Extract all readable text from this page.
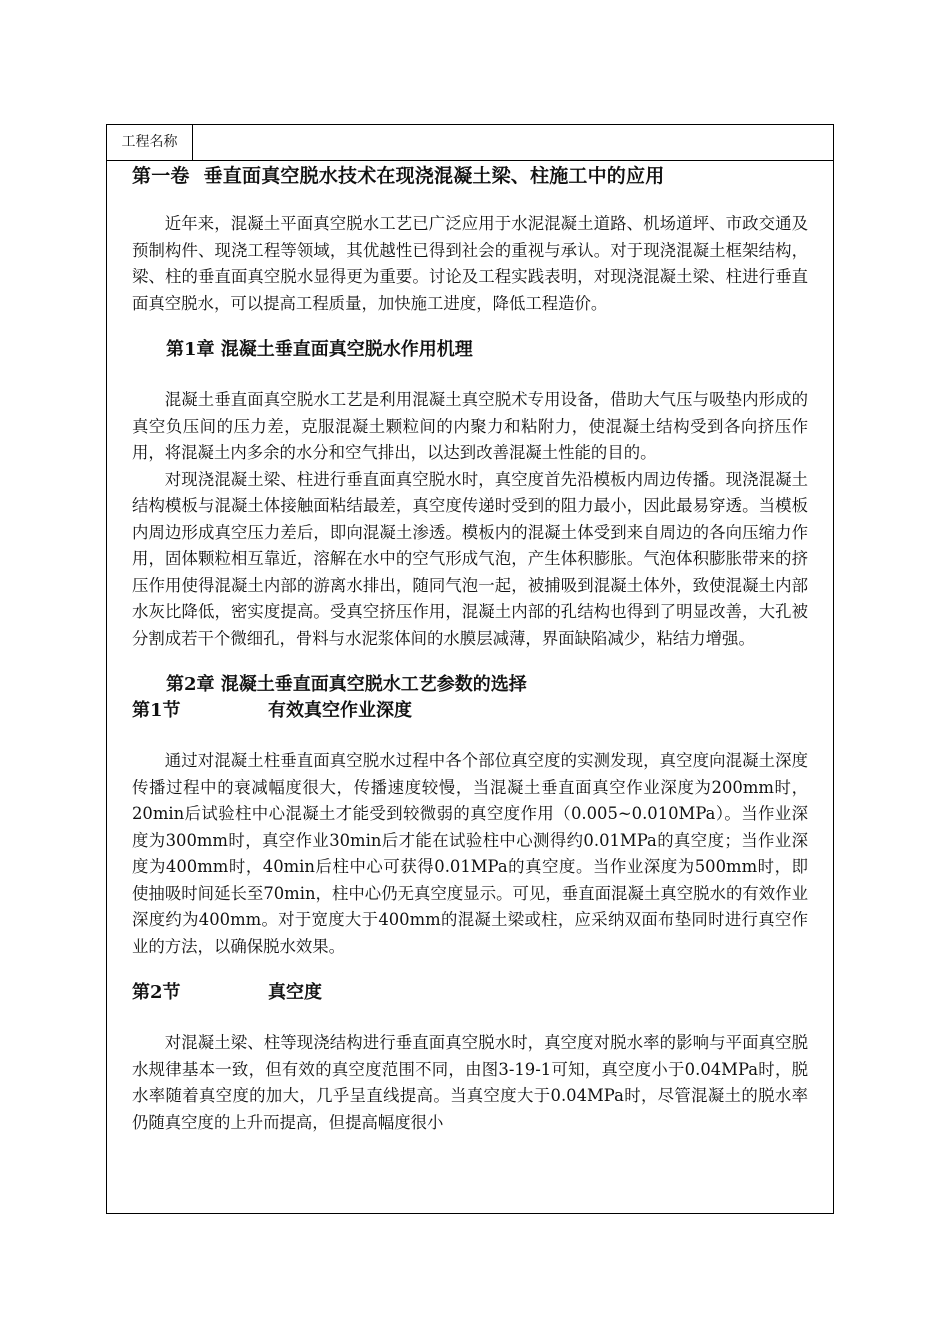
工程名称
第一卷 垂直面真空脱水技术在现浇混凝土梁、柱施工中的应用

近年来，混凝土平面真空脱水工艺已广泛应用于水泥混凝土道路、机场道坪、市政交通及预制构件、现浇工程等领域，其优越性已得到社会的重视与承认。对于现浇混凝土框架结构，梁、柱的垂直面真空脱水显得更为重要。讨论及工程实践表明，对现浇混凝土梁、柱进行垂直面真空脱水，可以提高工程质量，加快施工进度，降低工程造价。

第1章 混凝土垂直面真空脱水作用机理

混凝土垂直面真空脱水工艺是利用混凝土真空脱术专用设备，借助大气压与吸垫内形成的真空负压间的压力差，克服混凝土颗粒间的内聚力和粘附力，使混凝土结构受到各向挤压作用，将混凝土内多余的水分和空气排出，以达到改善混凝土性能的目的。

对现浇混凝土梁、柱进行垂直面真空脱水时，真空度首先沿模板内周边传播。现浇混凝土结构模板与混凝土体接触面粘结最差，真空度传递时受到的阻力最小，因此最易穿透。当模板内周边形成真空压力差后，即向混凝土渗透。模板内的混凝土体受到来自周边的各向压缩力作用，固体颗粒相互靠近，溶解在水中的空气形成气泡，产生体积膨胀。气泡体积膨胀带来的挤压作用使得混凝土内部的游离水排出，随同气泡一起，被捕吸到混凝土体外，致使混凝土内部水灰比降低，密实度提高。受真空挤压作用，混凝土内部的孔结构也得到了明显改善，大孔被分割成若干个微细孔，骨料与水泥浆体间的水膜层减薄，界面缺陷减少，粘结力增强。

第2章 混凝土垂直面真空脱水工艺参数的选择
第1节	有效真空作业深度

通过对混凝土柱垂直面真空脱水过程中各个部位真空度的实测发现，真空度向混凝土深度传播过程中的衰减幅度很大，传播速度较慢，当混凝土垂直面真空作业深度为200mm时，20min后试验柱中心混凝土才能受到较微弱的真空度作用（0.005~0.010MPa）。当作业深度为300mm时，真空作业30min后才能在试验柱中心测得约0.01MPa的真空度；当作业深度为400mm时，40min后柱中心可获得0.01MPa的真空度。当作业深度为500mm时，即使抽吸时间延长至70min，柱中心仍无真空度显示。可见，垂直面混凝土真空脱水的有效作业深度约为400mm。对于宽度大于400mm的混凝土梁或柱，应采纳双面布垫同时进行真空作业的方法，以确保脱水效果。

第2节	真空度

对混凝土梁、柱等现浇结构进行垂直面真空脱水时，真空度对脱水率的影响与平面真空脱水规律基本一致，但有效的真空度范围不同，由图3-19-1可知，真空度小于0.04MPa时，脱水率随着真空度的加大，几乎呈直线提高。当真空度大于0.04MPa时，尽管混凝土的脱水率仍随真空度的上升而提高，但提高幅度很小
